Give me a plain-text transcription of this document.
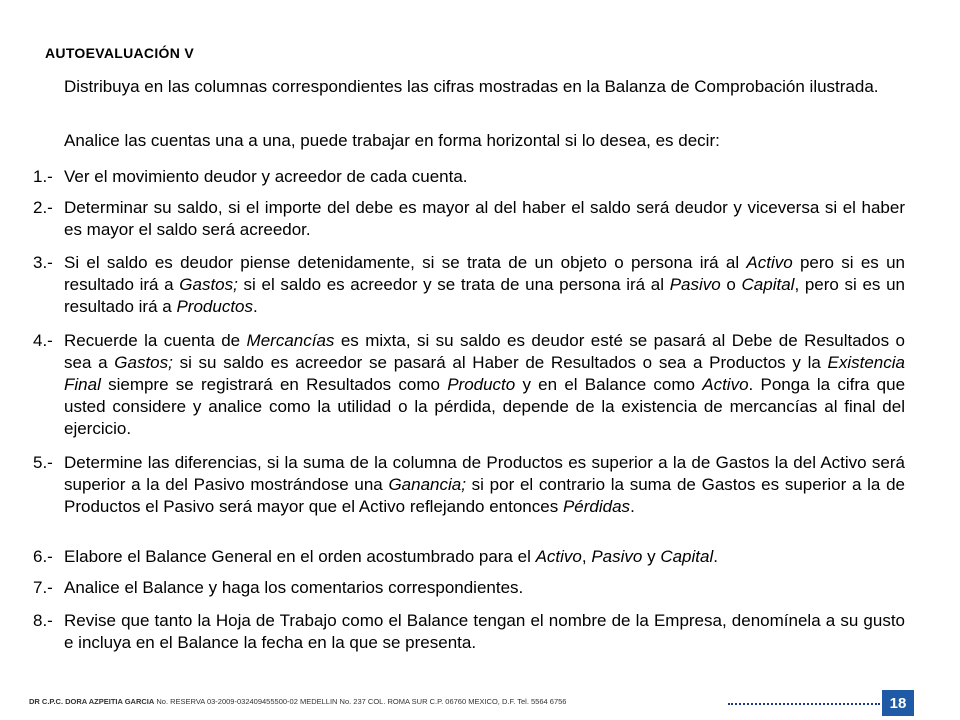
AUTOEVALUACIÓN V
Distribuya en las columnas correspondientes las cifras mostradas en la Balanza de Comprobación ilustrada.
Analice las cuentas una a una, puede trabajar en forma horizontal si lo desea, es decir:
1.- Ver el movimiento deudor y acreedor de cada cuenta.
2.- Determinar su saldo, si el importe del debe es mayor al del haber el saldo será deudor y viceversa si el haber es mayor el saldo será acreedor.
3.- Si el saldo es deudor piense detenidamente, si se trata de un objeto o persona irá al Activo pero si es un resultado irá a Gastos; si el saldo es acreedor y se trata de una persona irá al Pasivo o Capital, pero si es un resultado irá a Productos.
4.- Recuerde la cuenta de Mercancías es mixta, si su saldo es deudor esté se pasará al Debe de Resultados o sea a Gastos; si su saldo es acreedor se pasará al Haber de Resultados o sea a Productos y la Existencia Final siempre se registrará en Resultados como Producto y en el Balance como Activo. Ponga la cifra que usted considere y analice como la utilidad o la pérdida, depende de la existencia de mercancías al final del ejercicio.
5.- Determine las diferencias, si la suma de la columna de Productos es superior a la de Gastos la del Activo será superior a la del Pasivo mostrándose una Ganancia; si por el contrario la suma de Gastos es superior a la de Productos el Pasivo será mayor que el Activo reflejando entonces Pérdidas.
6.- Elabore el Balance General en el orden acostumbrado para el Activo, Pasivo y Capital.
7.- Analice el Balance y haga los comentarios correspondientes.
8.- Revise que tanto la Hoja de Trabajo como el Balance tengan el nombre de la Empresa, denomínela a su gusto e incluya en el Balance la fecha en la que se presenta.
DR C.P.C. DORA AZPEITIA GARCIA No. RESERVA 03-2009-032409455500-02 MEDELLIN No. 237 COL. ROMA SUR C.P. 06760 MEXICO, D.F. Tel. 5564 6756	18
